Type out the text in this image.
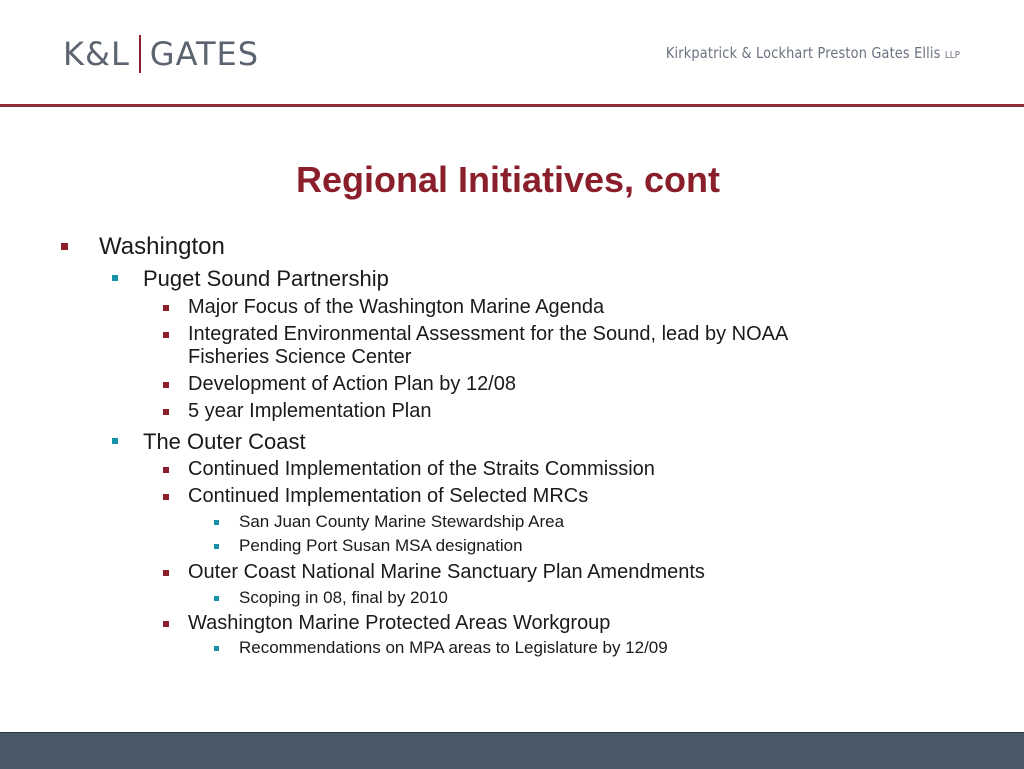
K&L GATES	Kirkpatrick & Lockhart Preston Gates Ellis LLP
Regional Initiatives, cont
Washington
Puget Sound Partnership
Major Focus of the Washington Marine Agenda
Integrated Environmental Assessment for the Sound, lead by NOAA
Fisheries Science Center
Development of Action Plan by 12/08
5 year Implementation Plan
The Outer Coast
Continued Implementation of the Straits Commission
Continued Implementation of Selected MRCs
San Juan County Marine Stewardship Area
Pending Port Susan MSA designation
Outer Coast National Marine Sanctuary Plan Amendments
Scoping in 08, final by 2010
Washington Marine Protected Areas Workgroup
Recommendations on MPA areas to Legislature by 12/09
